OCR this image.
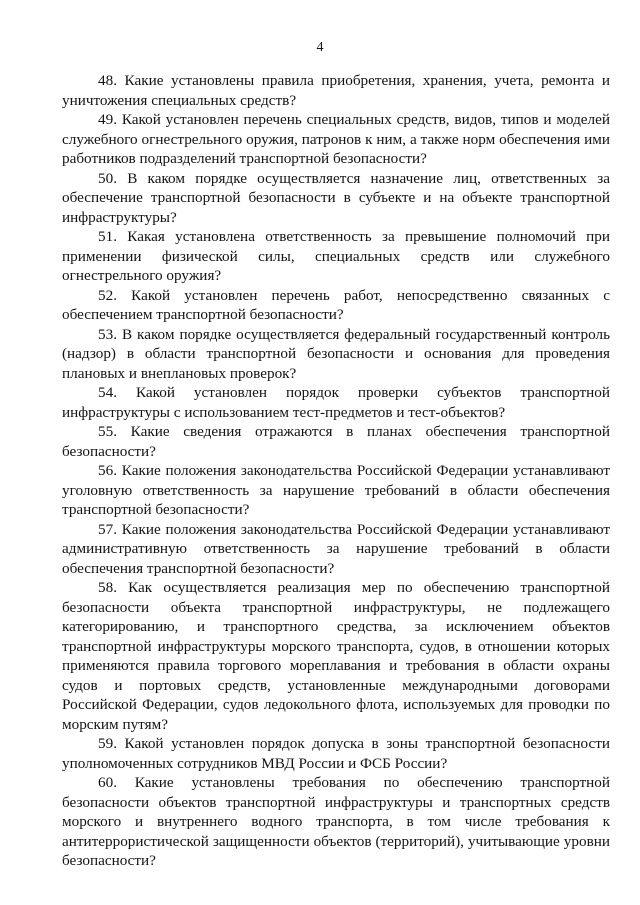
4

48. Какие установлены правила приобретения, хранения, учета, ремонта и уничтожения специальных средств?

49. Какой установлен перечень специальных средств, видов, типов и моделей служебного огнестрельного оружия, патронов к ним, а также норм обеспечения ими работников подразделений транспортной безопасности?

50. В каком порядке осуществляется назначение лиц, ответственных за обеспечение транспортной безопасности в субъекте и на объекте транспортной инфраструктуры?

51. Какая установлена ответственность за превышение полномочий при применении физической силы, специальных средств или служебного огнестрельного оружия?

52. Какой установлен перечень работ, непосредственно связанных с обеспечением транспортной безопасности?

53. В каком порядке осуществляется федеральный государственный контроль (надзор) в области транспортной безопасности и основания для проведения плановых и внеплановых проверок?

54. Какой установлен порядок проверки субъектов транспортной инфраструктуры с использованием тест-предметов и тест-объектов?

55. Какие сведения отражаются в планах обеспечения транспортной безопасности?

56. Какие положения законодательства Российской Федерации устанавливают уголовную ответственность за нарушение требований в области обеспечения транспортной безопасности?

57. Какие положения законодательства Российской Федерации устанавливают административную ответственность за нарушение требований в области обеспечения транспортной безопасности?

58. Как осуществляется реализация мер по обеспечению транспортной безопасности объекта транспортной инфраструктуры, не подлежащего категорированию, и транспортного средства, за исключением объектов транспортной инфраструктуры морского транспорта, судов, в отношении которых применяются правила торгового мореплавания и требования в области охраны судов и портовых средств, установленные международными договорами Российской Федерации, судов ледокольного флота, используемых для проводки по морским путям?

59. Какой установлен порядок допуска в зоны транспортной безопасности уполномоченных сотрудников МВД России и ФСБ России?

60. Какие установлены требования по обеспечению транспортной безопасности объектов транспортной инфраструктуры и транспортных средств морского и внутреннего водного транспорта, в том числе требования к антитеррористической защищенности объектов (территорий), учитывающие уровни безопасности?
